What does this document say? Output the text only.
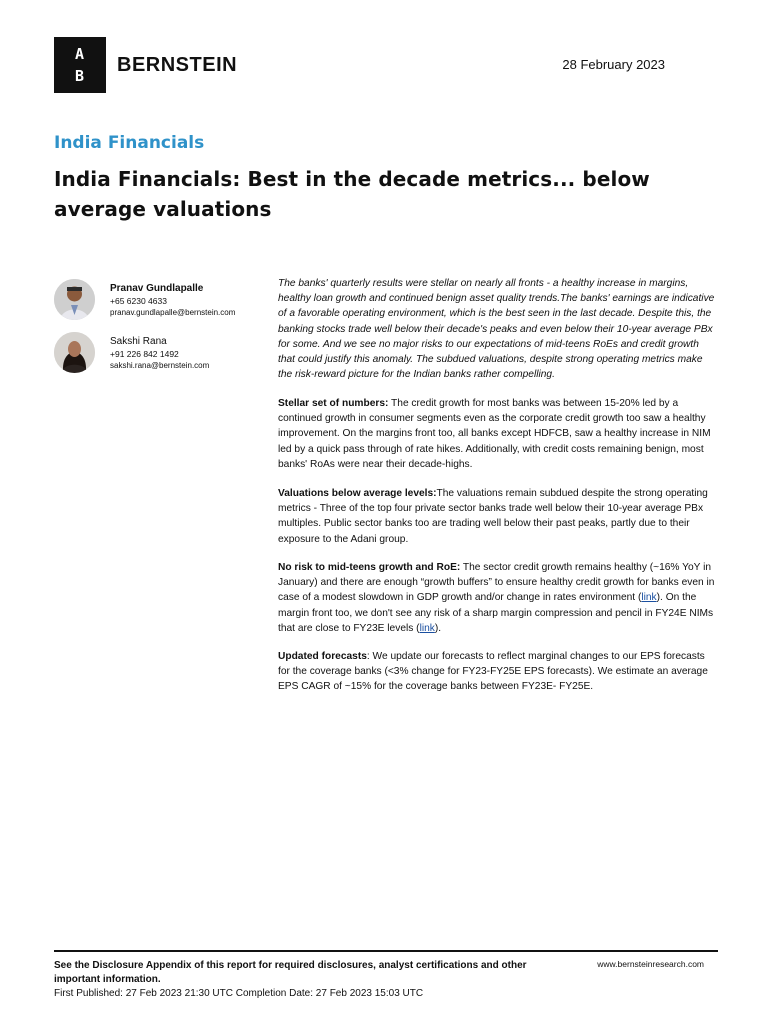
A
B
BERNSTEIN	28 February 2023
India Financials
India Financials: Best in the decade metrics... below average valuations
Pranav Gundlapalle
+65 6230 4633
pranav.gundlapalle@bernstein.com
Sakshi Rana
+91 226 842 1492
sakshi.rana@bernstein.com

The banks' quarterly results were stellar on nearly all fronts - a healthy increase in margins, healthy loan growth and continued benign asset quality trends.The banks' earnings are indicative of a favorable operating environment, which is the best seen in the last decade. Despite this, the banking stocks trade well below their decade's peaks and even below their 10-year average PBx for some. And we see no major risks to our expectations of mid-teens RoEs and credit growth that could justify this anomaly. The subdued valuations, despite strong operating metrics make the risk-reward picture for the Indian banks rather compelling.

Stellar set of numbers: The credit growth for most banks was between 15-20% led by a continued growth in consumer segments even as the corporate credit growth too saw a healthy improvement. On the margins front too, all banks except HDFCB, saw a healthy increase in NIM led by a quick pass through of rate hikes. Additionally, with credit costs remaining benign, most banks' RoAs were near their decade-highs.

Valuations below average levels:The valuations remain subdued despite the strong operating metrics - Three of the top four private sector banks trade well below their 10-year average PBx multiples. Public sector banks too are trading well below their past peaks, partly due to their exposure to the Adani group.

No risk to mid-teens growth and RoE: The sector credit growth remains healthy (~16% YoY in January) and there are enough “growth buffers” to ensure healthy credit growth for banks even in case of a modest slowdown in GDP growth and/or change in rates environment (link). On the margin front too, we don't see any risk of a sharp margin compression and pencil in FY24E NIMs that are close to FY23E levels (link).

Updated forecasts: We update our forecasts to reflect marginal changes to our EPS forecasts for the coverage banks (<3% change for FY23-FY25E EPS forecasts). We estimate an average EPS CAGR of ~15% for the coverage banks between FY23E- FY25E.

See the Disclosure Appendix of this report for required disclosures, analyst certifications and other important information.

www.bernsteinresearch.com
First Published: 27 Feb 2023 21:30 UTC Completion Date: 27 Feb 2023 15:03 UTC
